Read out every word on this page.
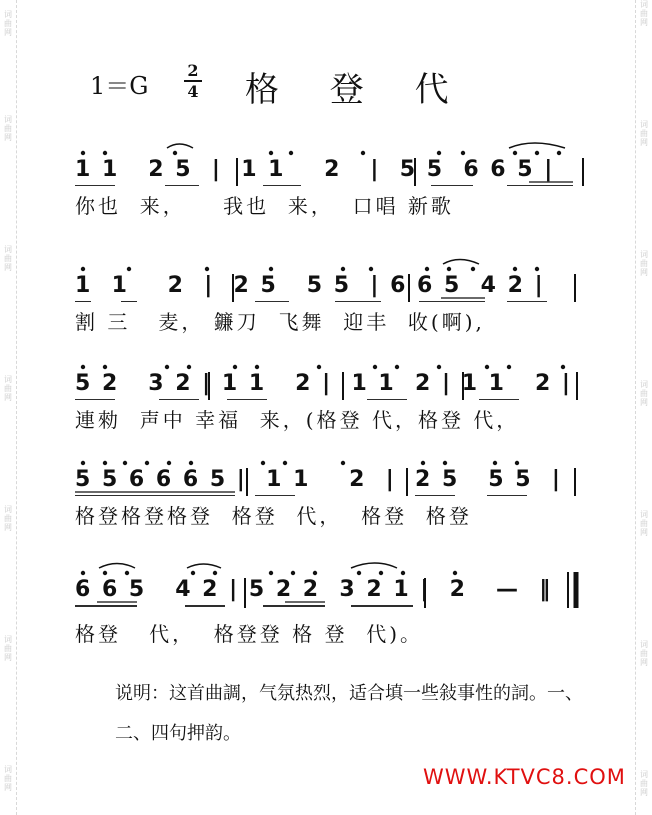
词曲网
词曲网
词曲网
词曲网
词曲网
词曲网
词曲网
词曲网
词曲网
词曲网
词曲网
词曲网
词曲网
词曲网
1＝G
2
4 格 登 代
1 1   2 5  |  1 1    2   |  5 5  6 6 5 |
你也  来，    我也  来，  口唱 新歌
1  1    2  |  2 5   5 5  | 6 6 5  4 2 |
割 三   麦， 鐮刀  飞舞  迎丰  收(啊),
5 2   3 2 | 1 1   2 |  1 1  2 | 1 1   2 |
連勑  声中 幸福  来，(格登 代，格登 代，
5 5 6 6 6 5 |  1 1    2  |  2 5   5 5  |
格登格登格登  格登  代，  格登  格登
6 6 5   4 2 | 5 2 2  3 2 1 |  2   —  ‖
格登   代，  格登登 格 登  代)。
说明：这首曲調，气氛热烈，适合填一些敍事性的詞。一、二、四句押韵。
WWW.KTVC8.COM
